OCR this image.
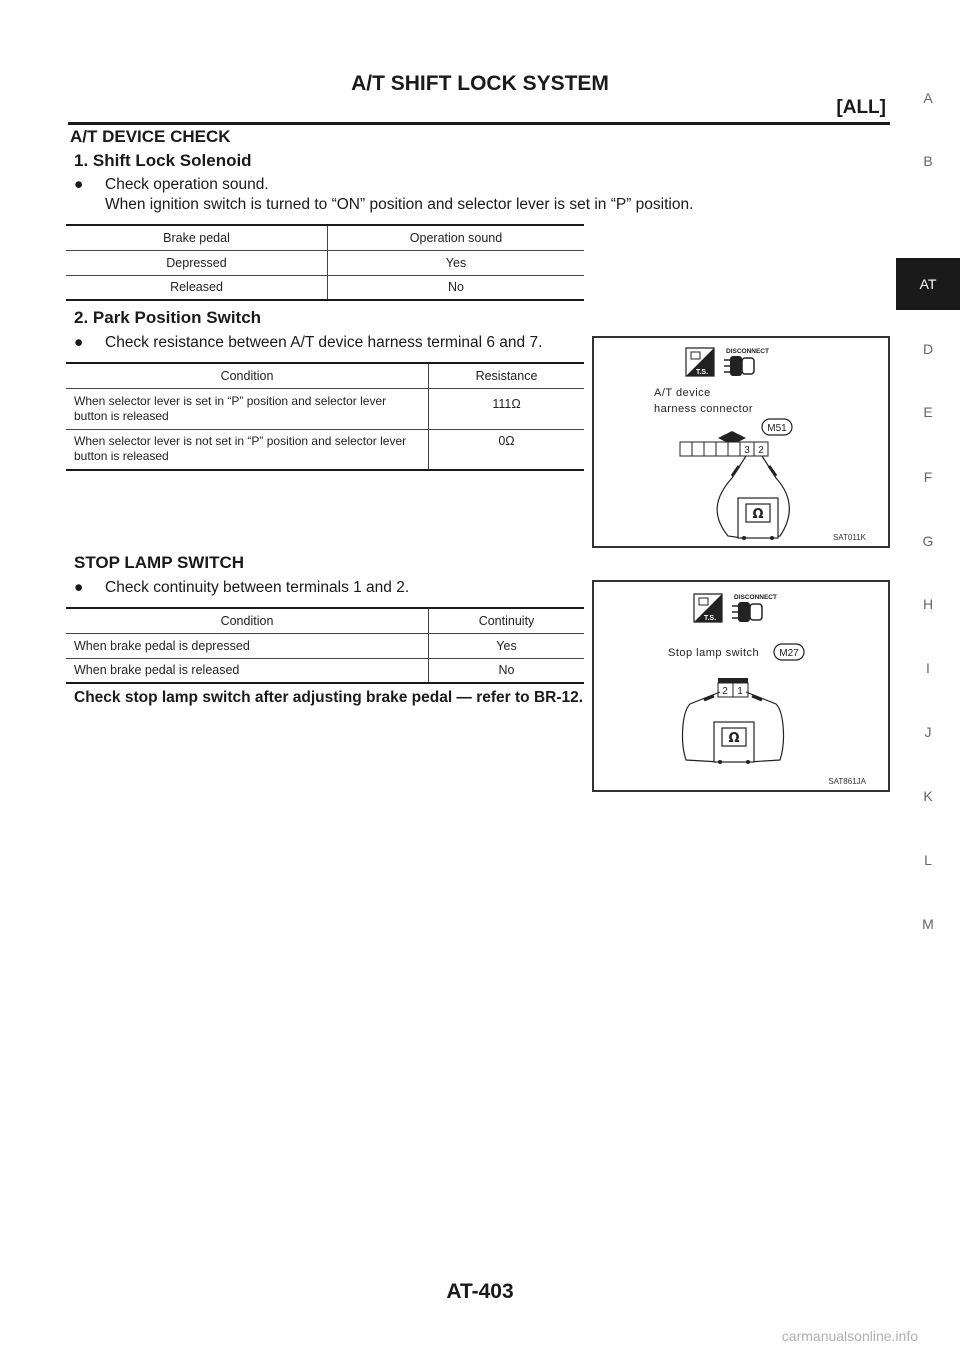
A/T SHIFT LOCK SYSTEM
[ALL]	A
B
AT
D
E
F
G
H
I
J
K
L
M
A/T DEVICE CHECK
1. Shift Lock Solenoid
● Check operation sound.
When ignition switch is turned to “ON” position and selector lever is set in “P” position.
Brake pedal	Operation sound
Depressed	Yes
Released	No
2. Park Position Switch
● Check resistance between A/T device harness terminal 6 and 7.
Condition	Resistance
When selector lever is set in “P” position and selector lever button is released	111Ω
When selector lever is not set in “P” position and selector lever button is released	0Ω
T.S.
DISCONNECT
A/T device
harness connector
M51
3 2
Ω
SAT011K
STOP LAMP SWITCH
● Check continuity between terminals 1 and 2.
Condition	Continuity
When brake pedal is depressed	Yes
When brake pedal is released	No
Check stop lamp switch after adjusting brake pedal — refer to BR-12.
T.S.
DISCONNECT
Stop lamp switch M27
2 1
Ω
SAT861JA
AT-403
carmanualsonline.info
